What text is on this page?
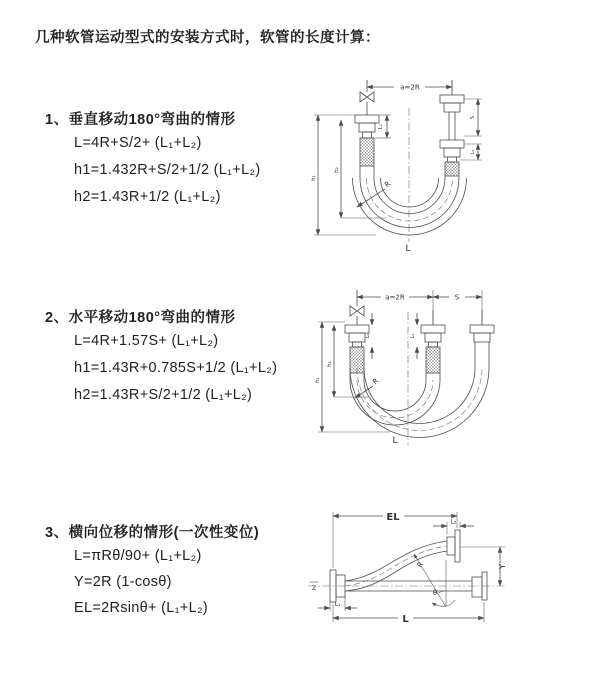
几种软管运动型式的安装方式时，软管的长度计算：
1、垂直移动180°弯曲的情形
L=4R+S/2+ (L₁+L₂)
h1=1.432R+S/2+1/2 (L₁+L₂)
h2=1.43R+1/2 (L₁+L₂)
a=2R
L₁
S
L₂
h₁
h₂
R
L
2、水平移动180°弯曲的情形
L=4R+1.57S+ (L₁+L₂)
h1=1.43R+0.785S+1/2 (L₁+L₂)
h2=1.43R+S/2+1/2 (L₁+L₂)
a=2R	S
L₁	L₂
h₁
h₂
R
L
3、横向位移的情形(一次性变位)
L=πRθ/90+ (L₁+L₂)
Y=2R (1-cosθ)
EL=2Rsinθ+ (L₁+L₂)
Z
EL	L₂
Y
R
θ
L
L₁
